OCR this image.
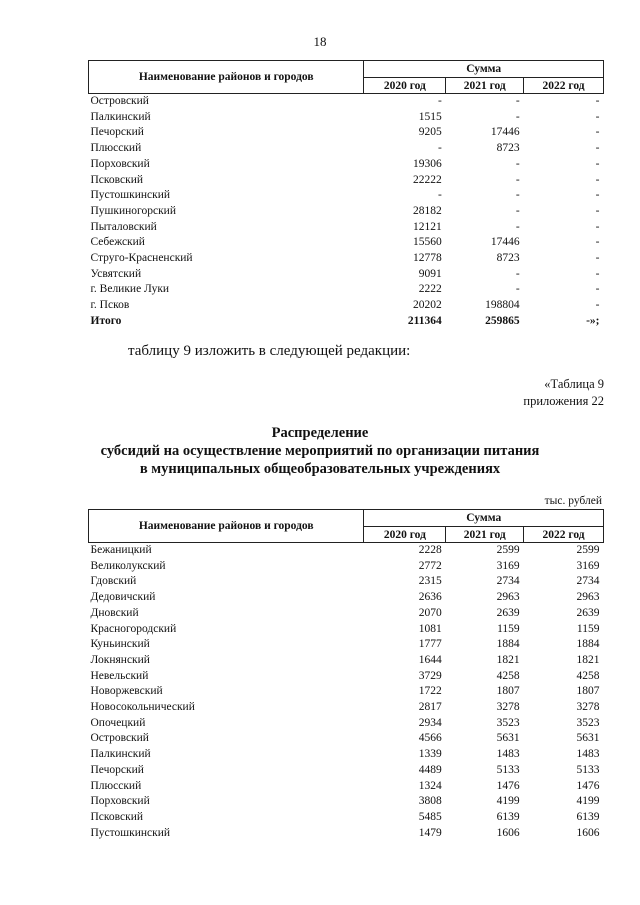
18
Наименование районов и городов	Сумма		
	2020 год	2021 год	2022 год
Островский	-	-	-
Палкинский	1515	-	-
Печорский	9205	17446	-
Плюсский	-	8723	-
Порховский	19306	-	-
Псковский	22222	-	-
Пустошкинский	-	-	-
Пушкиногорский	28182	-	-
Пыталовский	12121	-	-
Себежский	15560	17446	-
Струго-Красненский	12778	8723	-
Усвятский	9091	-	-
г. Великие Луки	2222	-	-
г. Псков	20202	198804	-
Итого	211364	259865	-»;
таблицу 9 изложить в следующей редакции:
«Таблица 9
приложения 22
Распределение
субсидий на осуществление мероприятий по организации питания
в муниципальных общеобразовательных учреждениях
тыс. рублей
Наименование районов и городов	Сумма		
	2020 год	2021 год	2022 год
Бежаницкий	2228	2599	2599
Великолукский	2772	3169	3169
Гдовский	2315	2734	2734
Дедовичский	2636	2963	2963
Дновский	2070	2639	2639
Красногородский	1081	1159	1159
Куньинский	1777	1884	1884
Локнянский	1644	1821	1821
Невельский	3729	4258	4258
Новоржевский	1722	1807	1807
Новосокольнический	2817	3278	3278
Опочецкий	2934	3523	3523
Островский	4566	5631	5631
Палкинский	1339	1483	1483
Печорский	4489	5133	5133
Плюсский	1324	1476	1476
Порховский	3808	4199	4199
Псковский	5485	6139	6139
Пустошкинский	1479	1606	1606
